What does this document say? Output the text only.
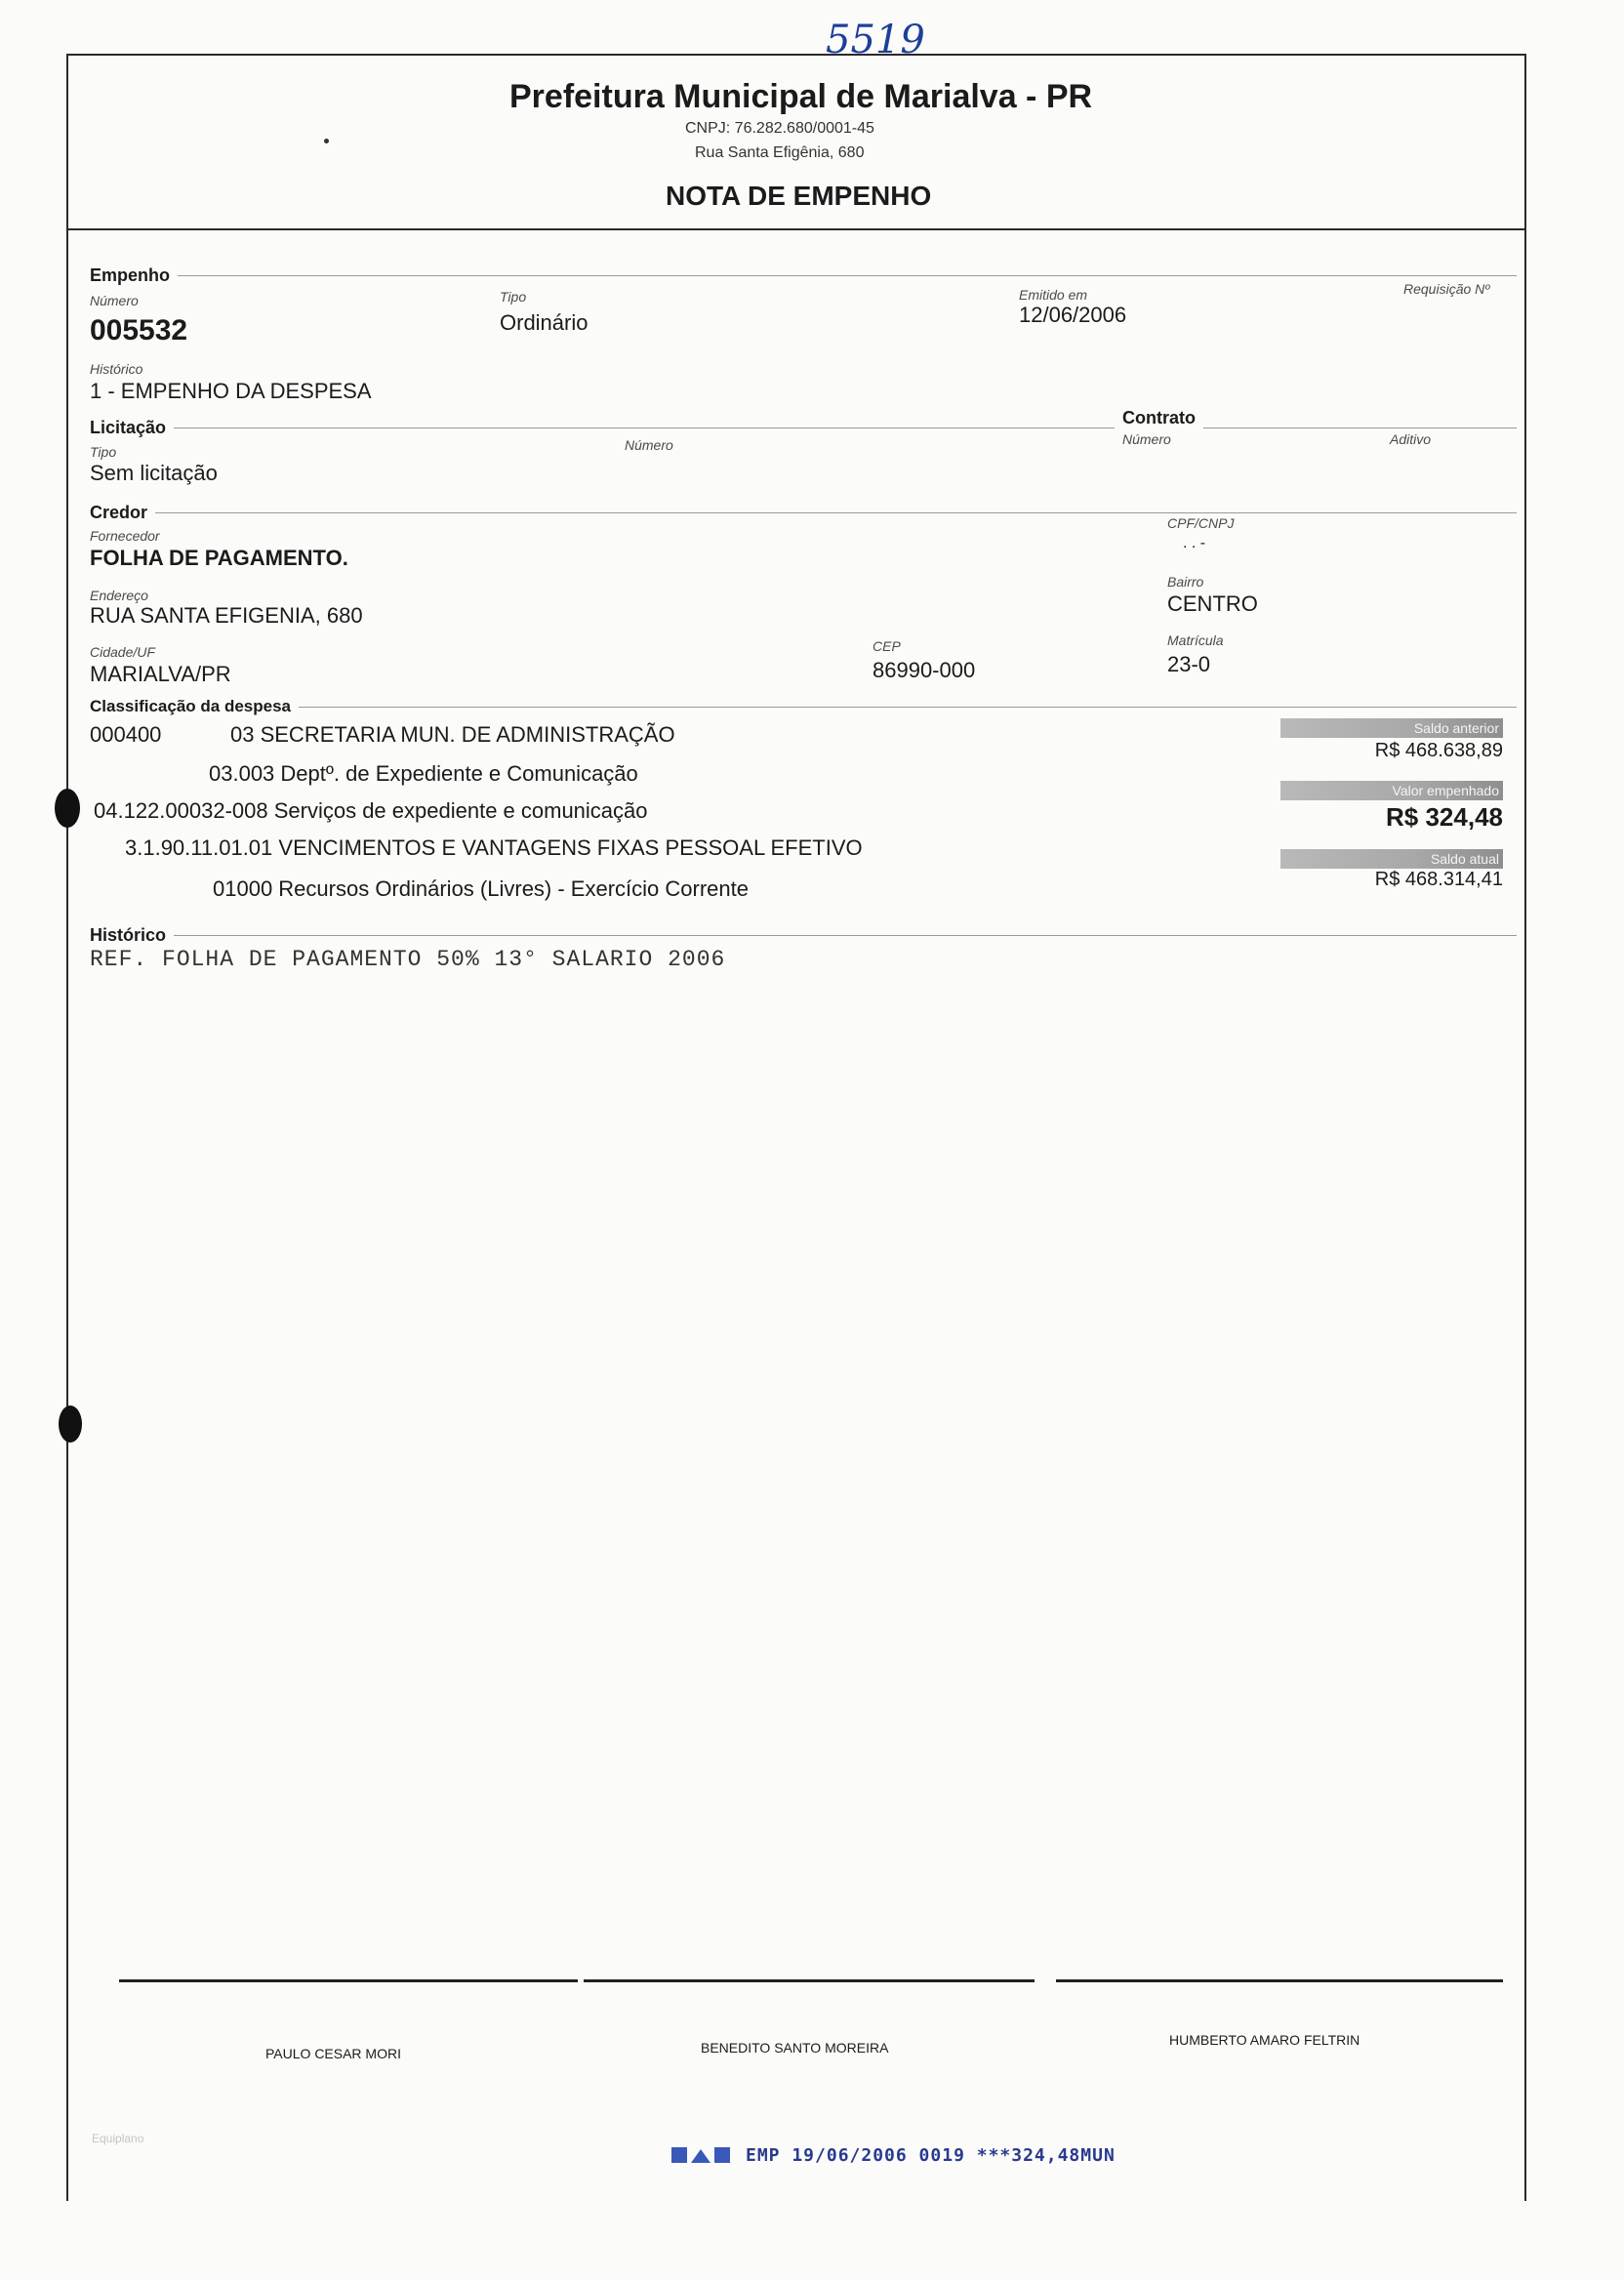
5519
Prefeitura Municipal de Marialva - PR
CNPJ: 76.282.680/0001-45
Rua Santa Efigênia, 680
NOTA DE EMPENHO
Empenho
Número
005532
Tipo
Ordinário
Emitido em
12/06/2006
Requisição Nº
Histórico
1 - EMPENHO DA DESPESA
Licitação
Tipo
Sem licitação
Número
Contrato
Número	Aditivo
Credor
Fornecedor
FOLHA DE PAGAMENTO.
CPF/CNPJ
. . -
Endereço
RUA SANTA EFIGENIA, 680
Bairro
CENTRO
Cidade/UF
MARIALVA/PR
CEP
86990-000
Matrícula
23-0
Classificação da despesa
000400	03 SECRETARIA MUN. DE ADMINISTRAÇÃO
03.003 Deptº. de Expediente e Comunicação
04.122.00032-008 Serviços de expediente e comunicação
3.1.90.11.01.01 VENCIMENTOS E VANTAGENS FIXAS PESSOAL EFETIVO
01000 Recursos Ordinários (Livres) - Exercício Corrente
Saldo anterior
R$ 468.638,89
Valor empenhado
R$ 324,48
Saldo atual
R$ 468.314,41
Histórico
REF. FOLHA DE PAGAMENTO 50% 13° SALARIO 2006
PAULO CESAR MORI	BENEDITO SANTO MOREIRA	HUMBERTO AMARO FELTRIN
Equiplano
EMP 19/06/2006 0019 ***324,48MUN
